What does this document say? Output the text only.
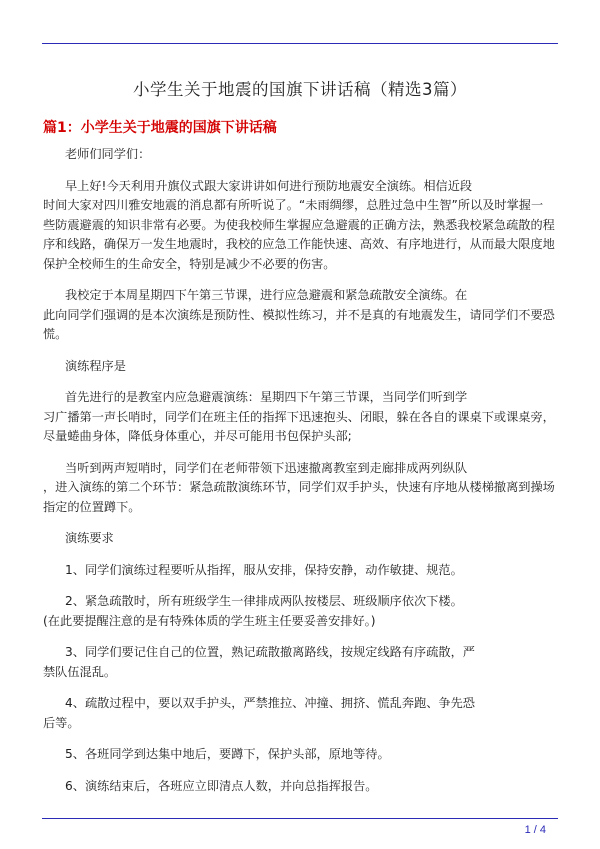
小学生关于地震的国旗下讲话稿（精选3篇）
篇1：小学生关于地震的国旗下讲话稿

老师们同学们：

早上好!今天利用升旗仪式跟大家讲讲如何进行预防地震安全演练。相信近段

时间大家对四川雅安地震的消息都有所听说了。“未雨绸缪，总胜过急中生智”所以及时掌握一

些防震避震的知识非常有必要。为使我校师生掌握应急避震的正确方法，熟悉我校紧急疏散的程

序和线路，确保万一发生地震时，我校的应急工作能快速、高效、有序地进行，从而最大限度地

保护全校师生的生命安全，特别是减少不必要的伤害。

我校定于本周星期四下午第三节课，进行应急避震和紧急疏散安全演练。在

此向同学们强调的是本次演练是预防性、模拟性练习，并不是真的有地震发生，请同学们不要恐

慌。

演练程序是

首先进行的是教室内应急避震演练：星期四下午第三节课，当同学们听到学

习广播第一声长哨时，同学们在班主任的指挥下迅速抱头、闭眼，躲在各自的课桌下或课桌旁，

尽量蜷曲身体，降低身体重心，并尽可能用书包保护头部;

当听到两声短哨时，同学们在老师带领下迅速撤离教室到走廊排成两列纵队

，进入演练的第二个环节：紧急疏散演练环节，同学们双手护头，快速有序地从楼梯撤离到操场

指定的位置蹲下。

演练要求

1、同学们演练过程要听从指挥，服从安排，保持安静，动作敏捷、规范。

2、紧急疏散时，所有班级学生一律排成两队按楼层、班级顺序依次下楼。

(在此要提醒注意的是有特殊体质的学生班主任要妥善安排好。)

3、同学们要记住自己的位置，熟记疏散撤离路线，按规定线路有序疏散，严

禁队伍混乱。

4、疏散过程中，要以双手护头，严禁推拉、冲撞、拥挤、慌乱奔跑、争先恐

后等。

5、各班同学到达集中地后，要蹲下，保护头部，原地等待。

6、演练结束后，各班应立即清点人数，并向总指挥报告。

1 / 4
